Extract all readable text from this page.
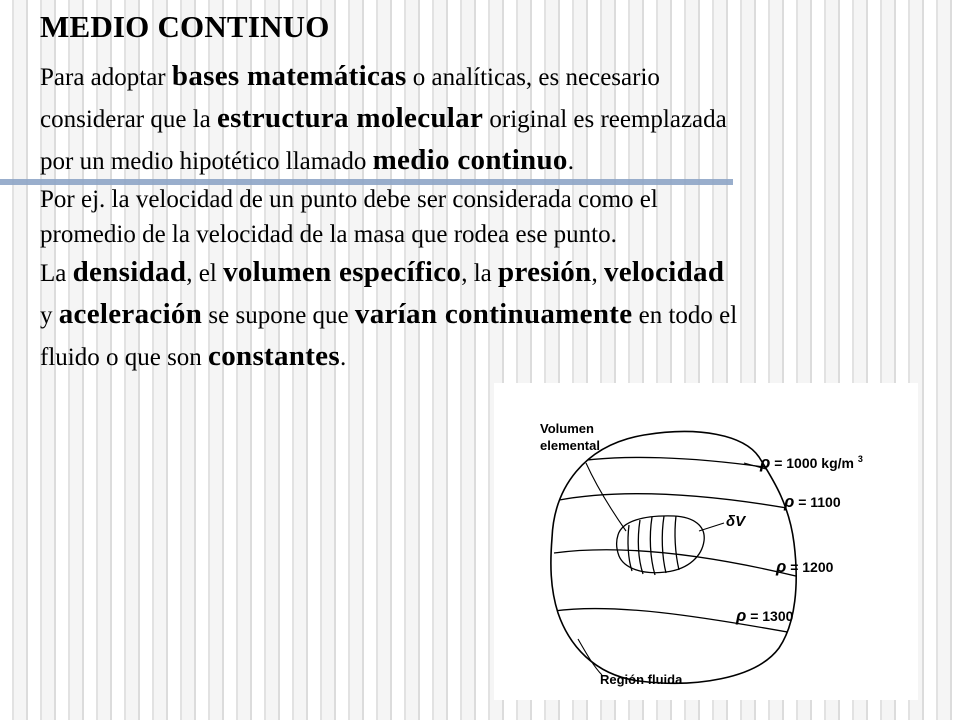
MEDIO CONTINUO

Para adoptar bases matemáticas o analíticas, es necesario

considerar que la estructura molecular original es reemplazada

por un medio hipotético llamado medio continuo.

Por ej. la velocidad de un punto debe ser considerada como el

promedio de la velocidad de la masa que rodea ese punto.

La densidad, el volumen específico, la presión, velocidad

y aceleración se supone que varían continuamente en todo el

fluido o que son constantes.

Volumen elemental
δV
ρ = 1000 kg/m $^3$
ρ = 1100
ρ = 1200
ρ = 1300
Región fluida
